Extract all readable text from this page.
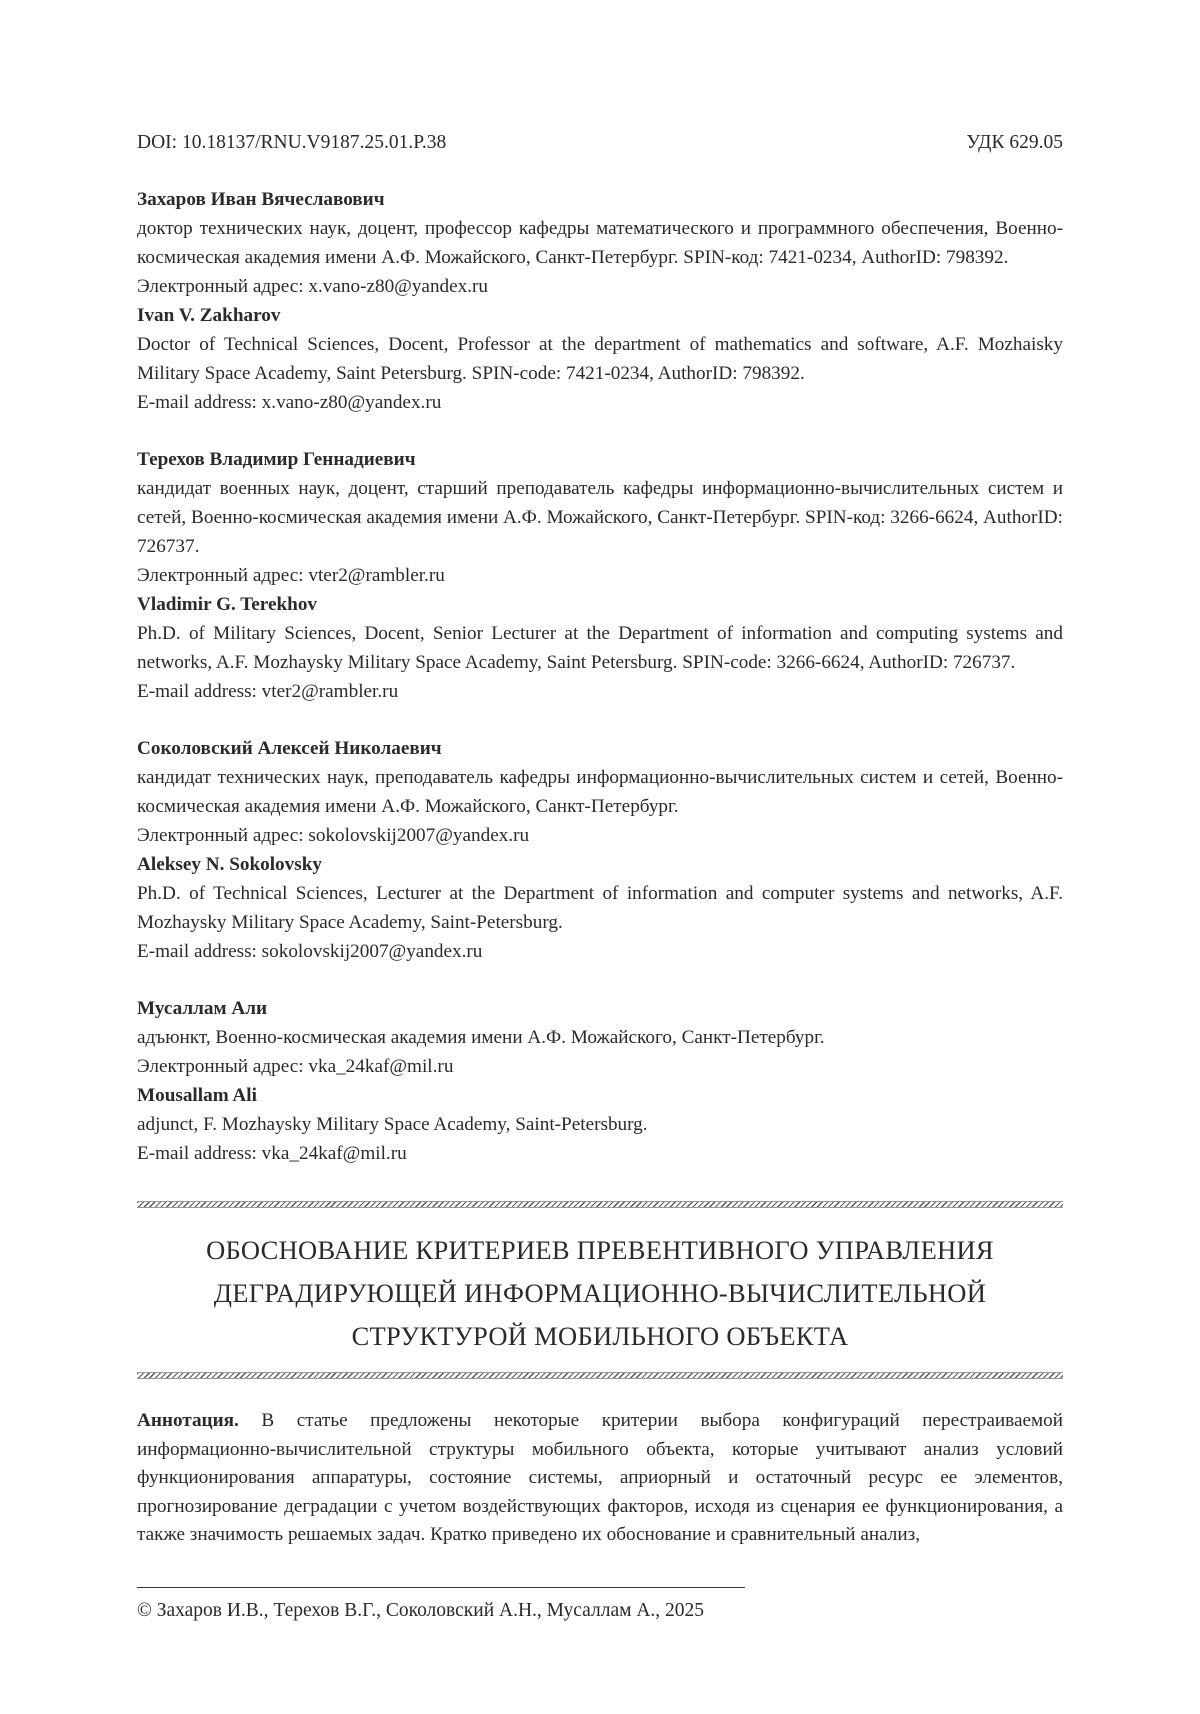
DOI: 10.18137/RNU.V9187.25.01.P.38	УДК 629.05
Захаров Иван Вячеславович

доктор технических наук, доцент, профессор кафедры математического и программного обеспечения, Военно-космическая академия имени А.Ф. Можайского, Санкт-Петербург. SPIN-код: 7421-0234, AuthorID: 798392.

Электронный адрес: x.vano-z80@yandex.ru
Ivan V. Zakharov

Doctor of Technical Sciences, Docent, Professor at the department of mathematics and software, A.F. Mozhaisky Military Space Academy, Saint Petersburg. SPIN-code: 7421-0234, AuthorID: 798392.

E-mail address: x.vano-z80@yandex.ru
Терехов Владимир Геннадиевич

кандидат военных наук, доцент, старший преподаватель кафедры информационно-вычислительных систем и сетей, Военно-космическая академия имени А.Ф. Можайского, Санкт-Петербург. SPIN-код: 3266-6624, AuthorID: 726737.

Электронный адрес: vter2@rambler.ru
Vladimir G. Terekhov

Ph.D. of Military Sciences, Docent, Senior Lecturer at the Department of information and computing systems and networks, A.F. Mozhaysky Military Space Academy, Saint Petersburg. SPIN-code: 3266-6624, AuthorID: 726737.

E-mail address: vter2@rambler.ru
Соколовский Алексей Николаевич

кандидат технических наук, преподаватель кафедры информационно-вычислительных систем и сетей, Военно-космическая академия имени А.Ф. Можайского, Санкт-Петербург.

Электронный адрес: sokolovskij2007@yandex.ru
Aleksey N. Sokolovsky

Ph.D. of Technical Sciences, Lecturer at the Department of information and computer systems and networks, A.F. Mozhaysky Military Space Academy, Saint-Petersburg.

E-mail address: sokolovskij2007@yandex.ru
Мусаллам Али

адъюнкт, Военно-космическая академия имени А.Ф. Можайского, Санкт-Петербург.

Электронный адрес: vka_24kaf@mil.ru
Mousallam Ali

adjunct, F. Mozhaysky Military Space Academy, Saint-Petersburg.

E-mail address: vka_24kaf@mil.ru
ОБОСНОВАНИЕ КРИТЕРИЕВ ПРЕВЕНТИВНОГО УПРАВЛЕНИЯ
ДЕГРАДИРУЮЩЕЙ ИНФОРМАЦИОННО-ВЫЧИСЛИТЕЛЬНОЙ
СТРУКТУРОЙ МОБИЛЬНОГО ОБЪЕКТА

Аннотация. В статье предложены некоторые критерии выбора конфигураций перестраиваемой информационно-вычислительной структуры мобильного объекта, которые учитывают анализ условий функционирования аппаратуры, состояние системы, априорный и остаточный ресурс ее элементов, прогнозирование деградации с учетом воздействующих факторов, исходя из сценария ее функционирования, а также значимость решаемых задач. Кратко приведено их обоснование и сравнительный анализ,

© Захаров И.В., Терехов В.Г., Соколовский А.Н., Мусаллам А., 2025
